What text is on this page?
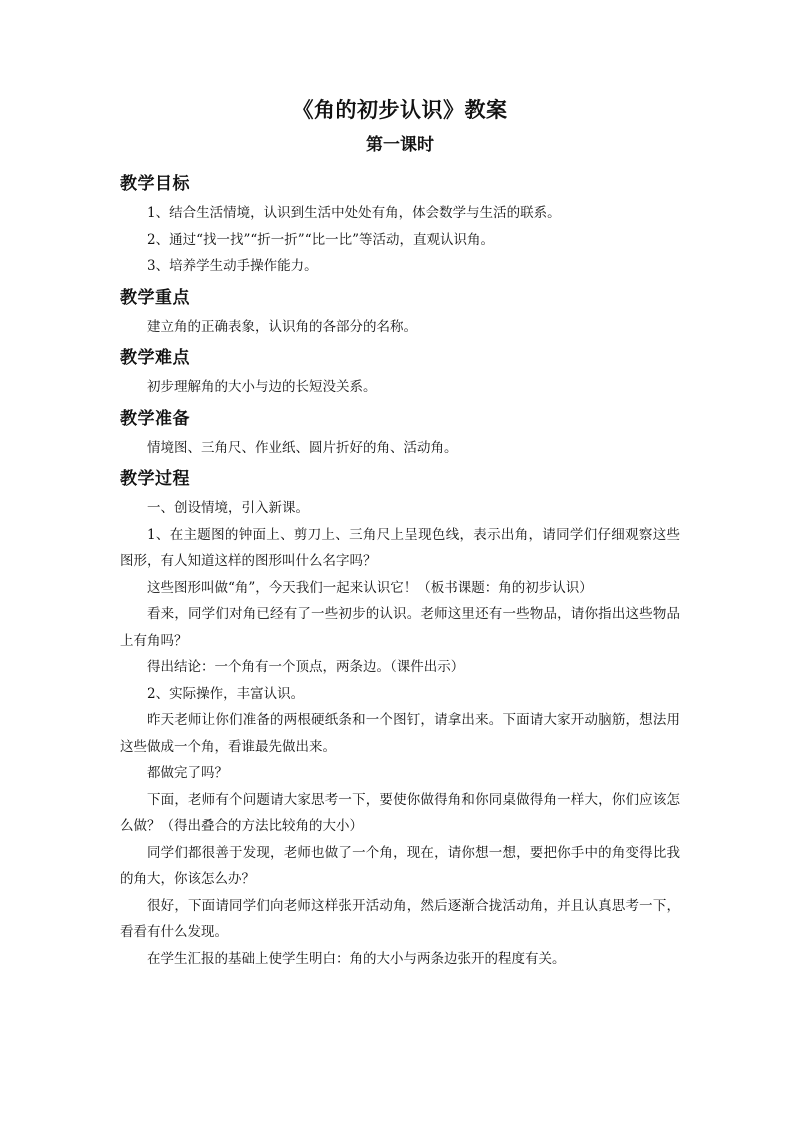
《角的初步认识》教案
第一课时
教学目标

1、结合生活情境，认识到生活中处处有角，体会数学与生活的联系。

2、通过“找一找”“折一折”“比一比”等活动，直观认识角。

3、培养学生动手操作能力。

教学重点

建立角的正确表象，认识角的各部分的名称。

教学难点

初步理解角的大小与边的长短没关系。

教学准备

情境图、三角尺、作业纸、圆片折好的角、活动角。

教学过程

一、创设情境，引入新课。

1、在主题图的钟面上、剪刀上、三角尺上呈现色线，表示出角，请同学们仔细观察这些图形，有人知道这样的图形叫什么名字吗？

这些图形叫做“角”，今天我们一起来认识它！（板书课题：角的初步认识）

看来，同学们对角已经有了一些初步的认识。老师这里还有一些物品，请你指出这些物品上有角吗？

得出结论：一个角有一个顶点，两条边。（课件出示）

2、实际操作，丰富认识。

昨天老师让你们准备的两根硬纸条和一个图钉，请拿出来。下面请大家开动脑筋，想法用这些做成一个角，看谁最先做出来。

都做完了吗？

下面，老师有个问题请大家思考一下，要使你做得角和你同桌做得角一样大，你们应该怎么做？（得出叠合的方法比较角的大小）

同学们都很善于发现，老师也做了一个角，现在，请你想一想，要把你手中的角变得比我的角大，你该怎么办？

很好，下面请同学们向老师这样张开活动角，然后逐渐合拢活动角，并且认真思考一下，看看有什么发现。

在学生汇报的基础上使学生明白：角的大小与两条边张开的程度有关。
